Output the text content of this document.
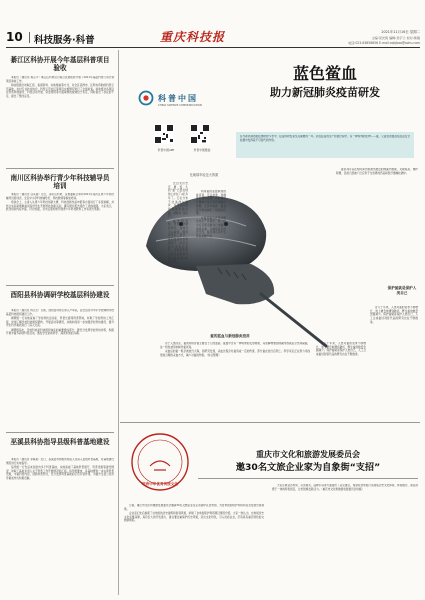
10 科技服务·科普	重庆科技报	2021年11月16日 星期二
主编:吴光毅 编辑:吴宇兰 校对:黄刚
电话:023-63656856 E-mail:cqkjbao@sohu.com
綦江区科协开展今年基层科普项目验收

本报讯（通讯员 蒋宗平）綦江区科协近日联合区财政局开展了2021年基层科普行动计划项目验收工作。

验收组通过听取汇报、查阅资料、实地察看等方式，对全区获得市、区科协资助的科普示范基地、农村专业技术协会、科普示范社区等项目实施情况进行了全面检查。验收组对各项目在科普阵地建设、科普活动开展、资金使用等方面取得的成效给予肯定，同时指出了存在的不足，提出了整改意见。

南川区科协举行青少年科技辅导员培训

本报讯（通讯员 任其国）近日，南川区科协、区教委联合举办2021年南川区青少年科技辅导员培训会，全区中小学科技辅导员、科技教师等参加培训。

培训会上，主讲人从青少年科技创新大赛、科技创新作品申报等方面进行了系统讲解，并结合实际案例就如何指导学生开展科技创新活动、撰写研究报告等作了详细说明。大家表示，此次培训内容丰富、针对性强，对今后更好地开展青少年科技教育工作有很大帮助。

酉阳县科协调研学校基层科协建设

本报讯（通讯员 冉义忠）日前，酉阳县科协主席入户率队，赴全县部分中小学校调研学校基层科协组织建设工作。

调研组一行实地查看了学校科技活动室、科普长廊等科普阵地，听取了学校科协工作汇报，详细了解学校科协组织架构、开展活动等情况，并就如何进一步加强学校科协建设、提升学生科学素质进行了深入交流。

调研组指出，学校科协是科协组织体系的重要组成部分，要充分发挥学校科协作用，积极开展丰富多彩的科普活动，激发学生崇尚科学、探索未知的兴趣。

巫溪县科协指导县级科普基地建设

本报讯（通讯员 李海燕）近日，巫溪县科协组织相关人员深入县级科普基地，对基地建设情况进行实地指导。

指导组一行先后来到县内多个科普基地，实地查看了基地科普展厅、科普设施等建设情况，听取了基地负责人关于科普工作开展情况的汇报。指导组要求，各基地要进一步完善科普设施，丰富科普内容，创新科普形式，充分发挥科普基地的示范引领作用，为提升全县公民科学素质作出积极贡献。

科普中国
CHINA SCIENCE COMMUNICATION
蓝色鲎血
助力新冠肺炎疫苗研发
科普中国APP	科普中国微信
在与新冠病毒的疫情防控斗争中，疫苗的研发是至关重要的一环。而在疫苗的生产检测过程中，有一种特殊的生物——鲎，它蓝色的血液在疫苗安全检测中发挥着不可替代的作用。
比地球年轻还大的鲎

比恐龙历史还要悠久的“鲎”已经在地球上存在了4亿多年了。它们分布于北美洲东海岸、东南亚沿海和我国东南沿海，被称为“活化石”。

鲎外形奇特，背部有坚硬的甲壳，身体分为头胸部、腹部和尾剑三部分。鲎的血液中含有铜离子，所以呈现出独特的蓝色。这种蓝色的血液是鲎抵御外界细菌侵袭的重要武器。

利用鲎的蓝血制成的鲎试剂，可以快速、准确地检测出疫苗、药品和医疗器械中是否含有细菌内毒素。正因为如此，鲎在医学领域拥有了极高的价值。

在新冠肺炎疫苗的研发和生产过程中，每一批次疫苗都需要进行细菌内毒素检测，以确保疫苗的安全性，鲎试剂在其中发挥着重要作用。

鲎试剂可以在短时间内检测出微量的细菌内毒素，灵敏度高、操作简便，目前已经被广泛应用于全世界的药品和医疗器械检测中。

保护鲎就是保护人类自己

近几十年来，人类对鲎的需求不断增长，加上栖息地遭到破坏，野生鲎的数量急剧减少。保护鲎就是保护人类自己，人工合成鲎试剂替代品的研究也在不断推进。

鲎的蓝血与新冠肺炎疫苗

对于人类而言，鲎的利用价值主要在于它的血液。鲎血中含有一种特殊的变形细胞，其裂解物遇到细菌内毒素后会迅速凝固，这一特性被用来制作鲎试剂。

采血后的鲎一般会被放归大海，但研究发现，采血过程会对鲎造成一定的伤害，部分鲎在放归后死亡。科学家们正在努力寻找更加合理的采血方式，减少对鲎的伤害。（综合整理）

近几十年来，人类对鲎的需求不断增长，加上栖息地遭到破坏，野生鲎的数量急剧减少。保护鲎就是保护人类自己，人工合成鲎试剂替代品的研究也在不断推进。

培育中华优秀传统文化
重庆市文化和旅游发展委员会
邀30名文旅企业家为自象街“支招”

日前，重庆市文化和旅游发展委员会邀请30名文旅企业家走进渝中区自象街，为自象街的保护利用和业态发展出谋划策。

企业家们先后参观了自象街的历史建筑和街巷风貌，听取了自象街保护利用项目情况介绍。大家一致认为，自象街历史文化底蕴深厚，具有巨大的开发潜力，建议要注重保护历史风貌，突出文化特色，引入优质业态，打造具有重庆特色的文旅新地标。

大家还就业态布局、运营模式、品牌打造等方面提出了意见建议，希望将自象街打造成集历史文化体验、休闲娱乐、商业消费于一体的特色街区，让老街焕发新活力。（重庆市文化和旅游发展委员会供稿）
